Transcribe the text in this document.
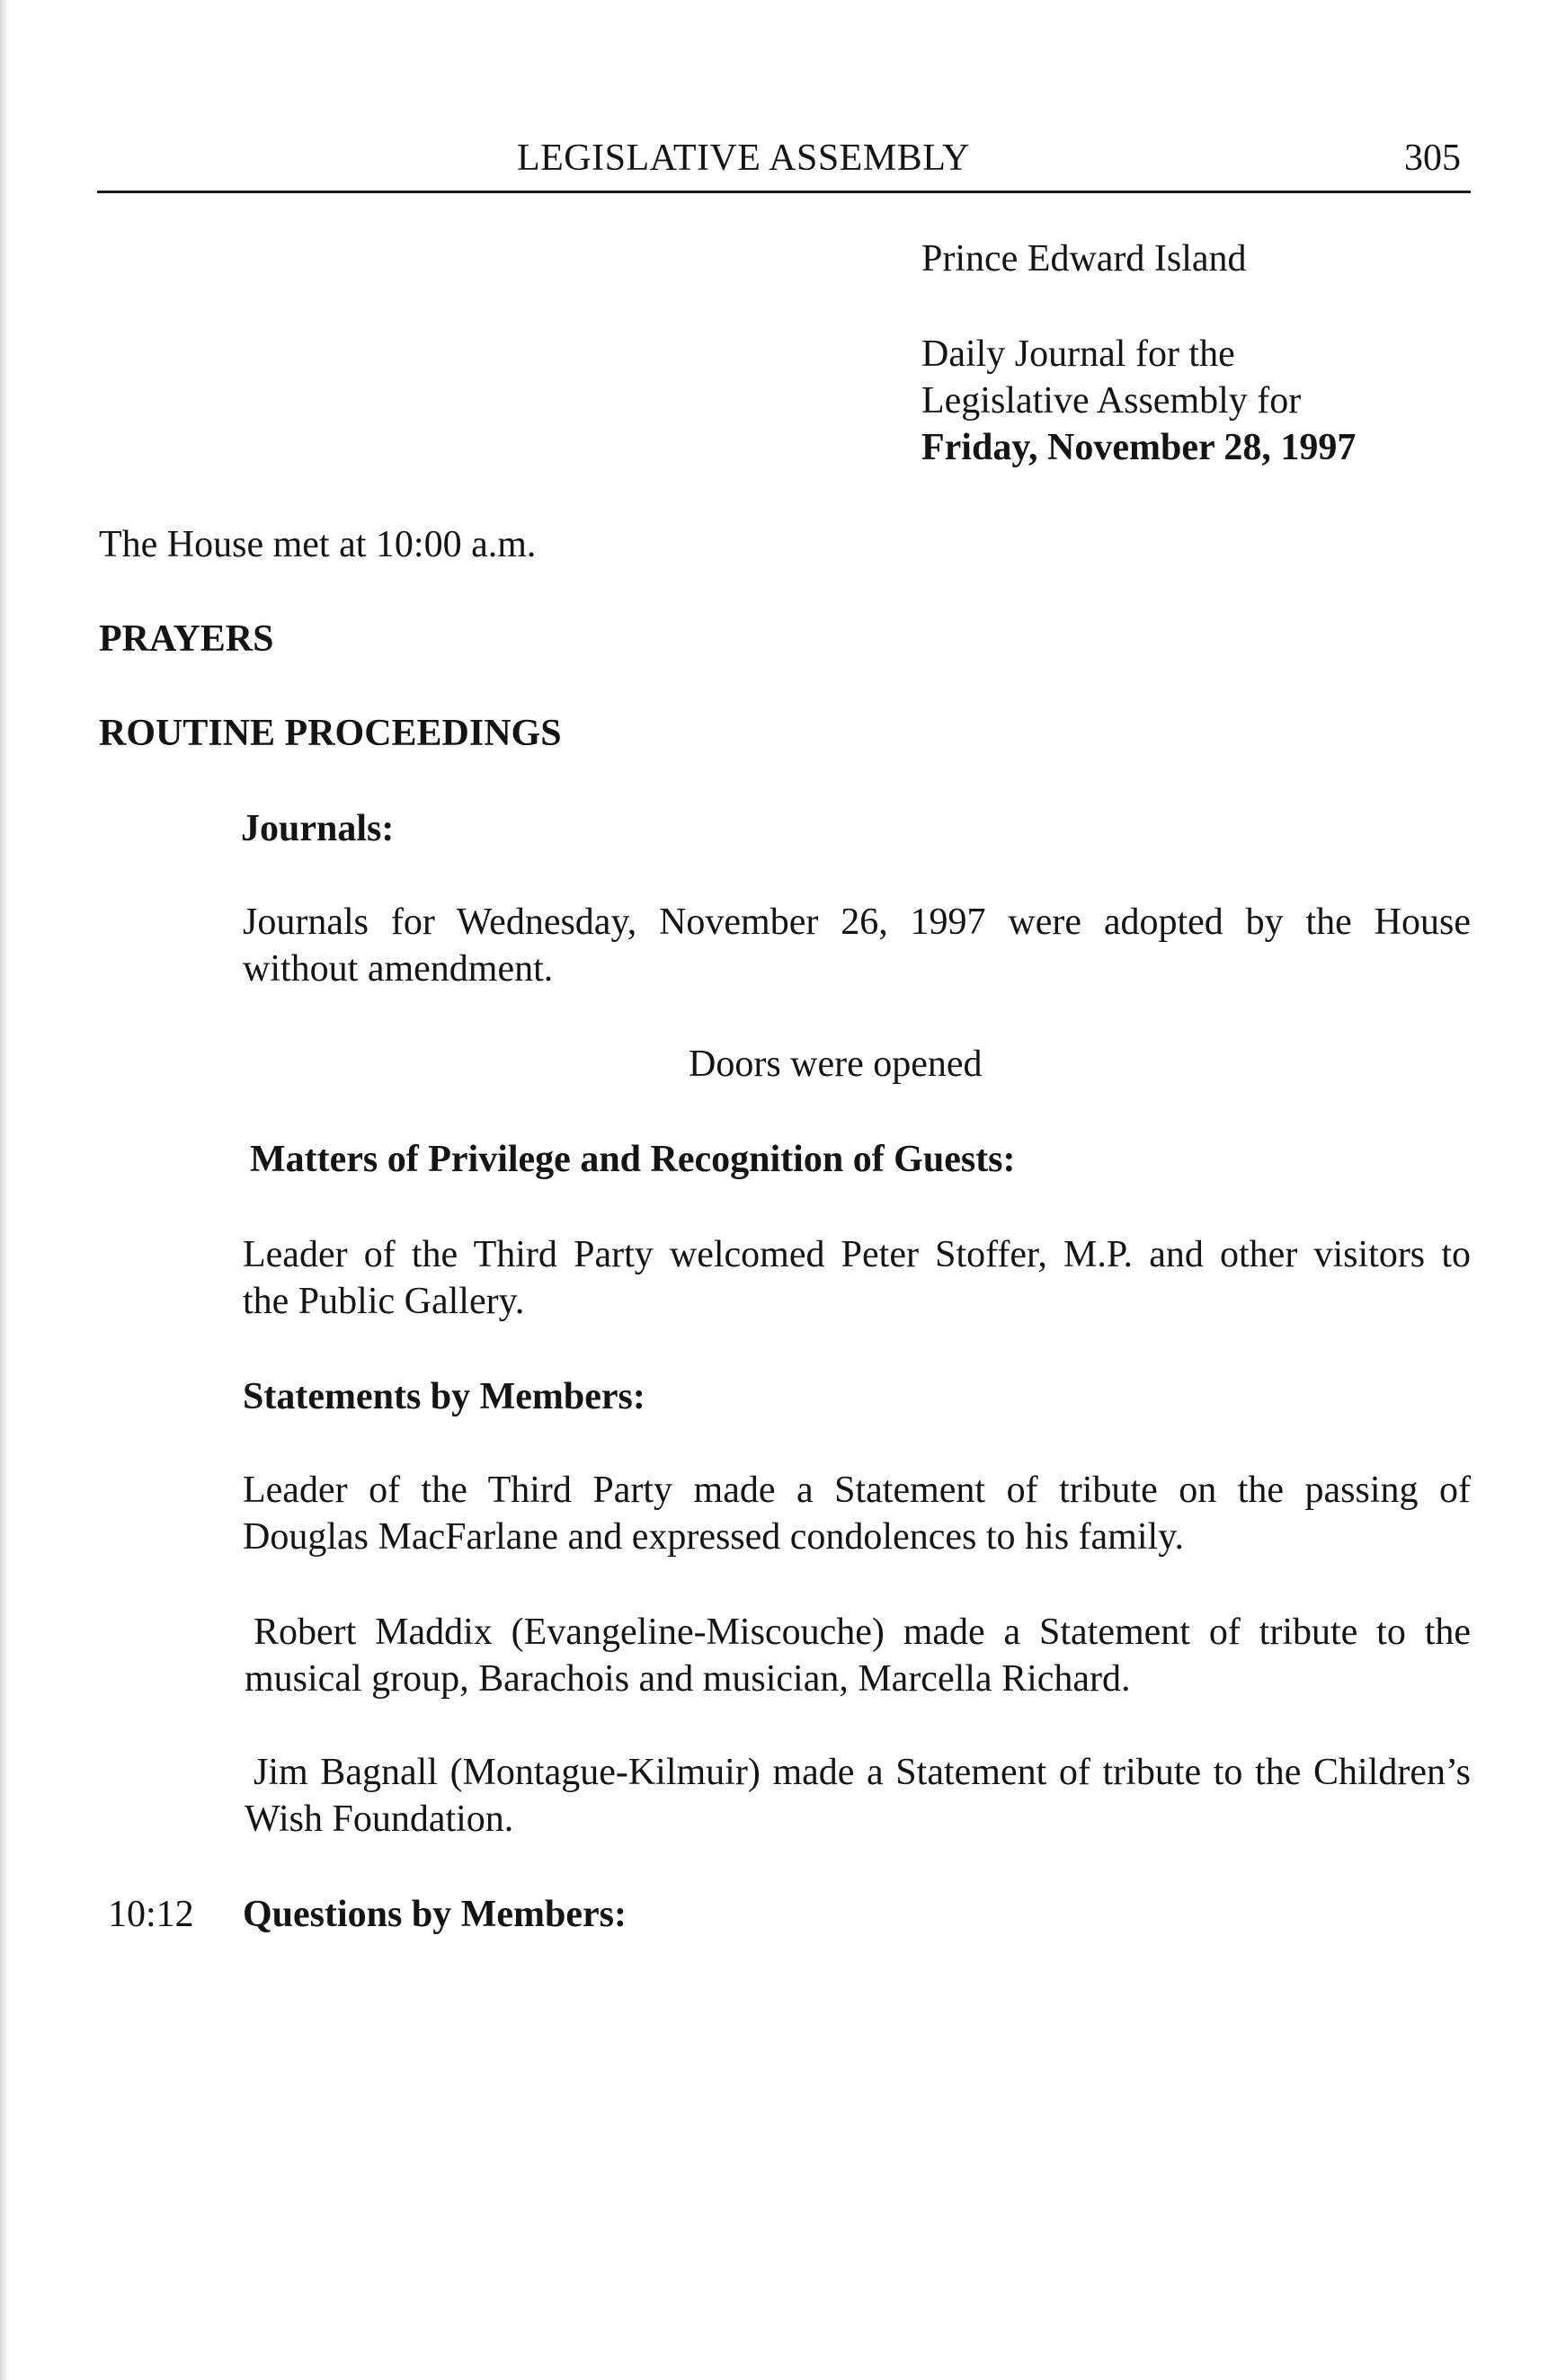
LEGISLATIVE ASSEMBLY	305
Prince Edward Island
Daily Journal for the
Legislative Assembly for
Friday, November 28, 1997
The House met at 10:00 a.m.
PRAYERS
ROUTINE PROCEEDINGS
Journals:
Journals for Wednesday, November 26, 1997 were adopted by the House
without amendment.
Doors were opened
Matters of Privilege and Recognition of Guests:
Leader of the Third Party welcomed Peter Stoffer, M.P. and other visitors to
the Public Gallery.
Statements by Members:
Leader of the Third Party made a Statement of tribute on the passing of
Douglas MacFarlane and expressed condolences to his family.
Robert Maddix (Evangeline-Miscouche) made a Statement of tribute to the
musical group, Barachois and musician, Marcella Richard.
Jim Bagnall (Montague-Kilmuir) made a Statement of tribute to the Children’s
Wish Foundation.
10:12 Questions by Members:
